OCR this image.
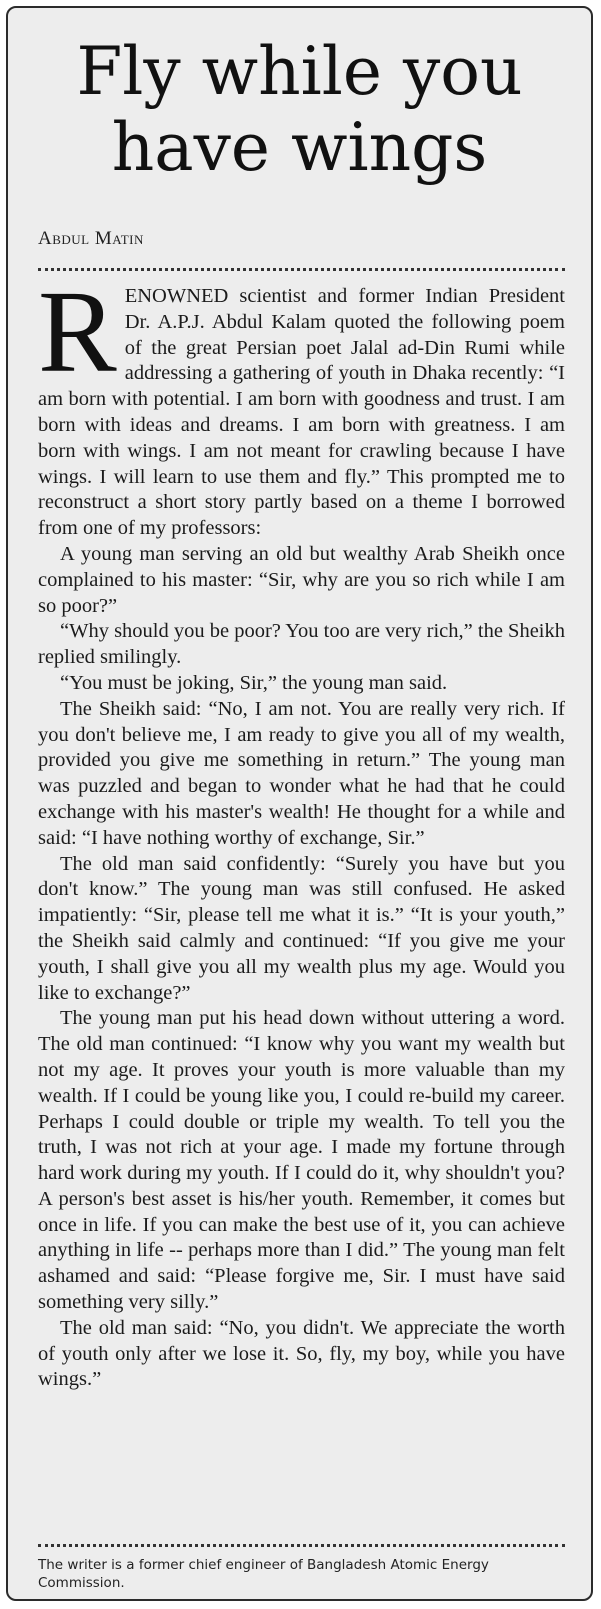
Fly while you
have wings
Abdul Matin

RENOWNED scientist and former Indian President Dr. A.P.J. Abdul Kalam quoted the following poem of the great Persian poet Jalal ad-Din Rumi while addressing a gathering of youth in Dhaka recently: “I am born with potential. I am born with goodness and trust. I am born with ideas and dreams. I am born with greatness. I am born with wings. I am not meant for crawling because I have wings. I will learn to use them and fly.” This prompted me to reconstruct a short story partly based on a theme I borrowed from one of my professors:

A young man serving an old but wealthy Arab Sheikh once complained to his master: “Sir, why are you so rich while I am so poor?”

“Why should you be poor? You too are very rich,” the Sheikh replied smilingly.

“You must be joking, Sir,” the young man said.

The Sheikh said: “No, I am not. You are really very rich. If you don't believe me, I am ready to give you all of my wealth, provided you give me something in return.” The young man was puzzled and began to wonder what he had that he could exchange with his master's wealth! He thought for a while and said: “I have nothing worthy of exchange, Sir.”

The old man said confidently: “Surely you have but you don't know.” The young man was still confused. He asked impatiently: “Sir, please tell me what it is.” “It is your youth,” the Sheikh said calmly and continued: “If you give me your youth, I shall give you all my wealth plus my age. Would you like to exchange?”

The young man put his head down without uttering a word. The old man continued: “I know why you want my wealth but not my age. It proves your youth is more valuable than my wealth. If I could be young like you, I could re-build my career. Perhaps I could double or triple my wealth. To tell you the truth, I was not rich at your age. I made my fortune through hard work during my youth. If I could do it, why shouldn't you? A person's best asset is his/her youth. Remember, it comes but once in life. If you can make the best use of it, you can achieve anything in life -- perhaps more than I did.” The young man felt ashamed and said: “Please forgive me, Sir. I must have said something very silly.”

The old man said: “No, you didn't. We appreciate the worth of youth only after we lose it. So, fly, my boy, while you have wings.”

The writer is a former chief engineer of Bangladesh Atomic Energy Commission.
